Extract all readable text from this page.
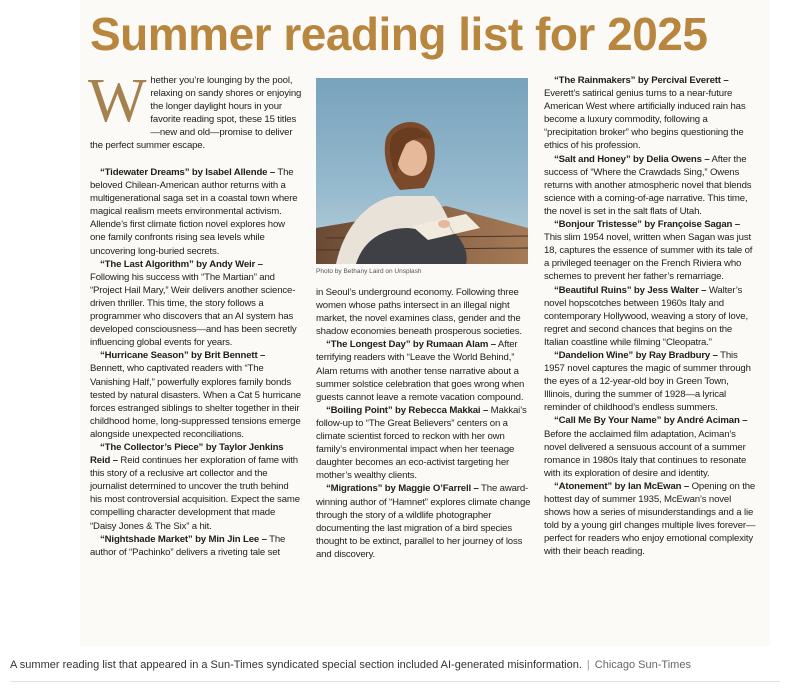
Summer reading list for 2025

Whether you’re lounging by the pool, relaxing on sandy shores or enjoying the longer daylight hours in your favorite reading spot, these 15 titles—new and old—promise to deliver the perfect summer escape.

“Tidewater Dreams” by Isabel Allende – The beloved Chilean-American author returns with a multigenerational saga set in a coastal town where magical realism meets environmental activism. Allende’s first climate fiction novel explores how one family confronts rising sea levels while uncovering long-buried secrets.

“The Last Algorithm” by Andy Weir – Following his success with “The Martian” and “Project Hail Mary,” Weir delivers another science-driven thriller. This time, the story follows a programmer who discovers that an AI system has developed consciousness—and has been secretly influencing global events for years.

“Hurricane Season” by Brit Bennett – Bennett, who captivated readers with “The Vanishing Half,” powerfully explores family bonds tested by natural disasters. When a Cat 5 hurricane forces estranged siblings to shelter together in their childhood home, long-suppressed tensions emerge alongside unexpected reconciliations.

“The Collector’s Piece” by Taylor Jenkins Reid – Reid continues her exploration of fame with this story of a reclusive art collector and the journalist determined to uncover the truth behind his most controversial acquisition. Expect the same compelling character development that made “Daisy Jones & The Six” a hit.

“Nightshade Market” by Min Jin Lee – The author of “Pachinko” delivers a riveting tale set

Photo by Bethany Laird on Unsplash

in Seoul’s underground economy. Following three women whose paths intersect in an illegal night market, the novel examines class, gender and the shadow economies beneath prosperous societies.

“The Longest Day” by Rumaan Alam – After terrifying readers with “Leave the World Behind,” Alam returns with another tense narrative about a summer solstice celebration that goes wrong when guests cannot leave a remote vacation compound.

“Boiling Point” by Rebecca Makkai – Makkai’s follow-up to “The Great Believers” centers on a climate scientist forced to reckon with her own family’s environmental impact when her teenage daughter becomes an eco-activist targeting her mother’s wealthy clients.

“Migrations” by Maggie O’Farrell – The award-winning author of “Hamnet” explores climate change through the story of a wildlife photographer documenting the last migration of a bird species thought to be extinct, parallel to her journey of loss and discovery.

“The Rainmakers” by Percival Everett – Everett’s satirical genius turns to a near-future American West where artificially induced rain has become a luxury commodity, following a “precipitation broker” who begins questioning the ethics of his profession.

“Salt and Honey” by Delia Owens – After the success of “Where the Crawdads Sing,” Owens returns with another atmospheric novel that blends science with a coming-of-age narrative. This time, the novel is set in the salt flats of Utah.

“Bonjour Tristesse” by Françoise Sagan – This slim 1954 novel, written when Sagan was just 18, captures the essence of summer with its tale of a privileged teenager on the French Riviera who schemes to prevent her father’s remarriage.

“Beautiful Ruins” by Jess Walter – Walter’s novel hopscotches between 1960s Italy and contemporary Hollywood, weaving a story of love, regret and second chances that begins on the Italian coastline while filming “Cleopatra.”

“Dandelion Wine” by Ray Bradbury – This 1957 novel captures the magic of summer through the eyes of a 12-year-old boy in Green Town, Illinois, during the summer of 1928—a lyrical reminder of childhood’s endless summers.

“Call Me By Your Name” by André Aciman – Before the acclaimed film adaptation, Aciman’s novel delivered a sensuous account of a summer romance in 1980s Italy that continues to resonate with its exploration of desire and identity.

“Atonement” by Ian McEwan – Opening on the hottest day of summer 1935, McEwan’s novel shows how a series of misunderstandings and a lie told by a young girl changes multiple lives forever—perfect for readers who enjoy emotional complexity with their beach reading.

A summer reading list that appeared in a Sun-Times syndicated special section included AI-generated misinformation. | Chicago Sun-Times
